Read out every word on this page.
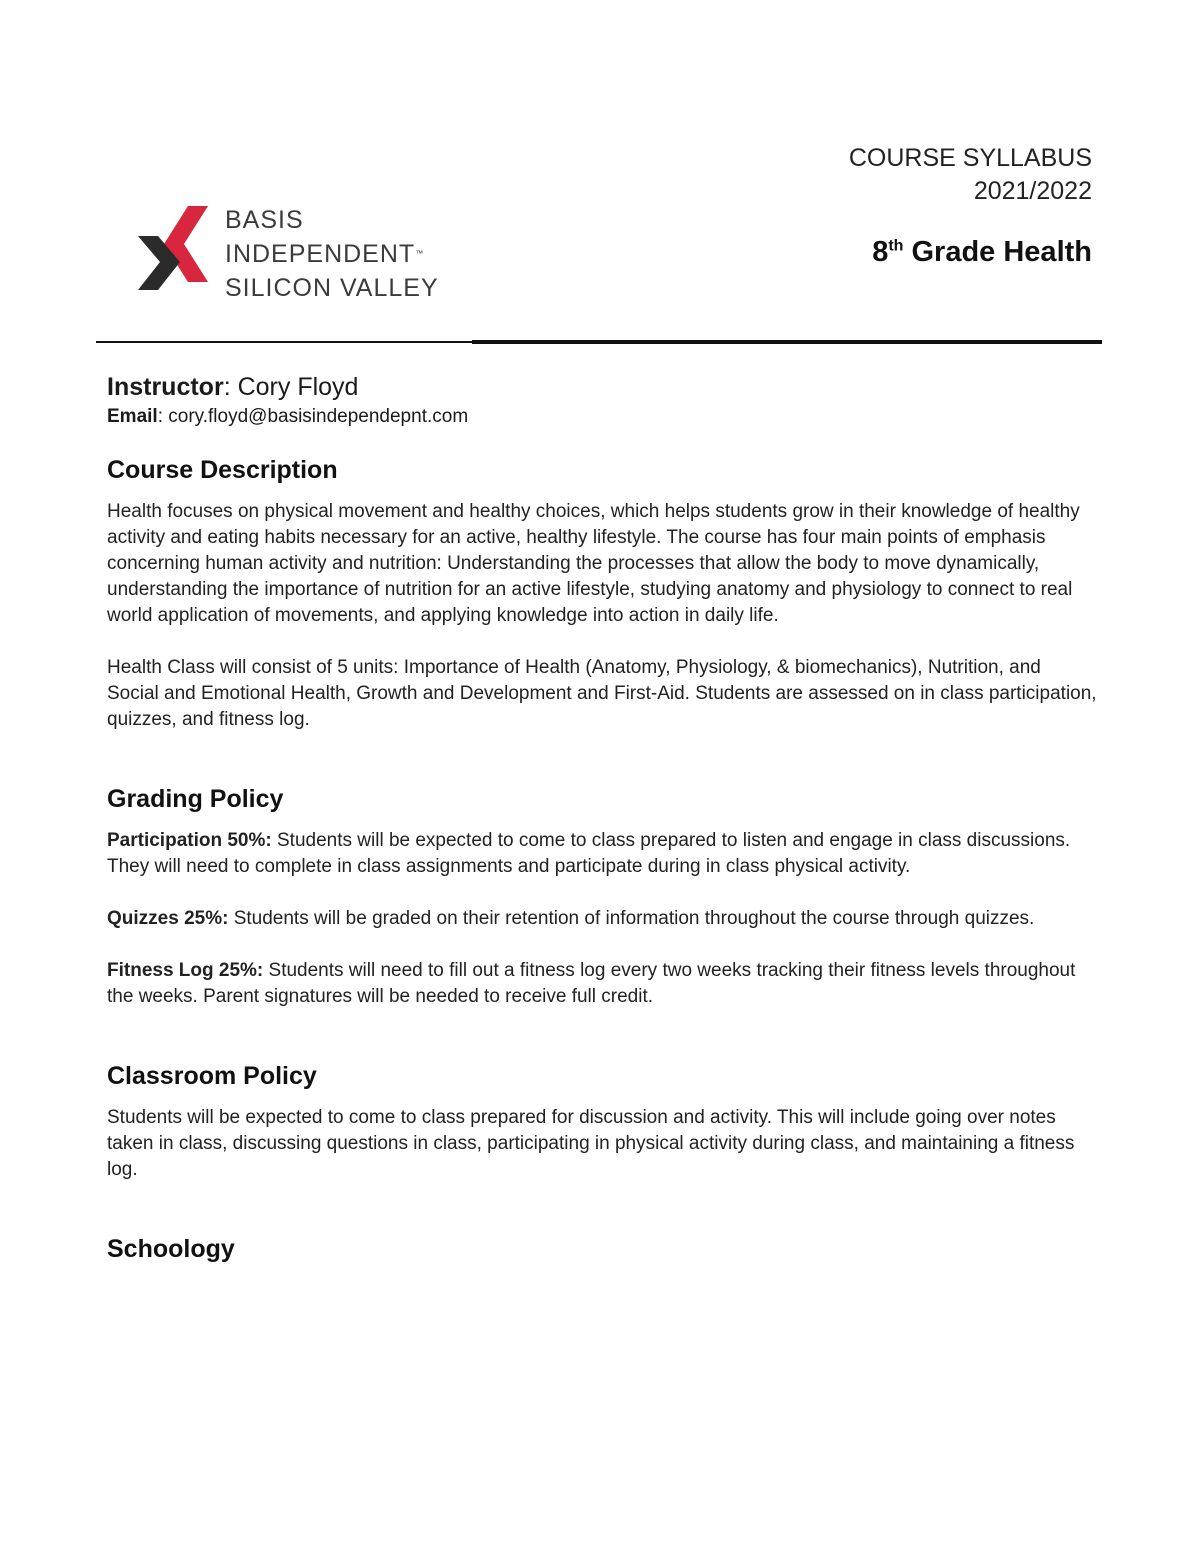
BASIS
INDEPENDENT™
SILICON VALLEY
COURSE SYLLABUS
2021/2022
8th Grade Health
Instructor: Cory Floyd
Email: cory.floyd@basisindependepnt.com
Course Description

Health focuses on physical movement and healthy choices, which helps students grow in their knowledge of healthy activity and eating habits necessary for an active, healthy lifestyle. The course has four main points of emphasis concerning human activity and nutrition: Understanding the processes that allow the body to move dynamically, understanding the importance of nutrition for an active lifestyle, studying anatomy and physiology to connect to real world application of movements, and applying knowledge into action in daily life.

Health Class will consist of 5 units: Importance of Health (Anatomy, Physiology, & biomechanics), Nutrition, and Social and Emotional Health, Growth and Development and First-Aid. Students are assessed on in class participation, quizzes, and fitness log.

Grading Policy

Participation 50%: Students will be expected to come to class prepared to listen and engage in class discussions. They will need to complete in class assignments and participate during in class physical activity.

Quizzes 25%: Students will be graded on their retention of information throughout the course through quizzes.

Fitness Log 25%: Students will need to fill out a fitness log every two weeks tracking their fitness levels throughout the weeks. Parent signatures will be needed to receive full credit.

Classroom Policy

Students will be expected to come to class prepared for discussion and activity. This will include going over notes taken in class, discussing questions in class, participating in physical activity during class, and maintaining a fitness log.

Schoology
